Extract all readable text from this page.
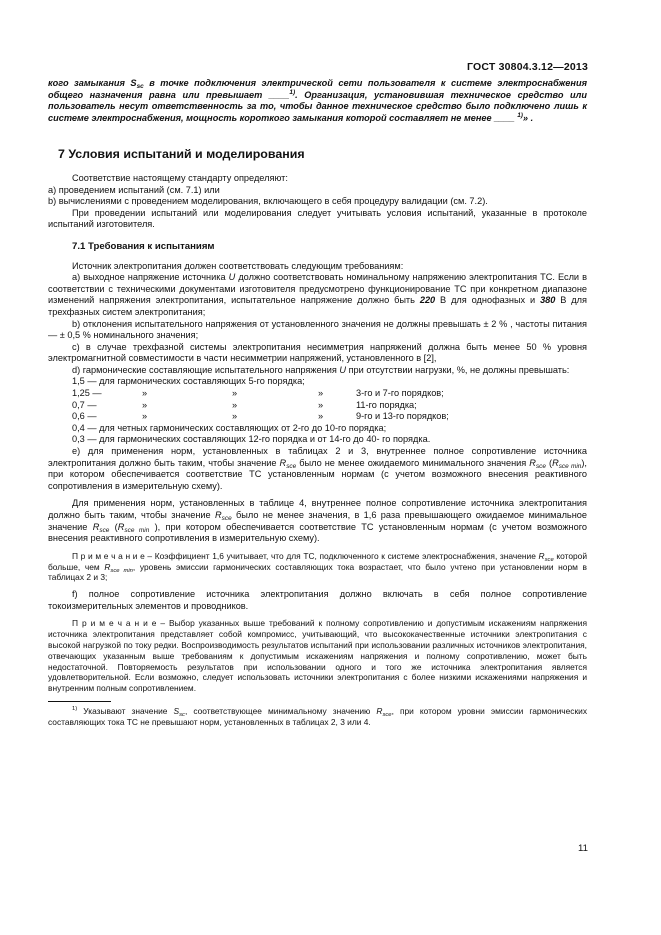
ГОСТ 30804.3.12—2013

кого замыкания $S_{sc}$ в точке подключения электрической сети пользователя к системе электроснабжения общего назначения равна или превышает ____$^{1)}$. Организация, установившая техническое средство или пользователь несут ответственность за то, чтобы данное техническое средство было подключено лишь к системе электроснабжения, мощность короткого замыкания которой составляет не менее ____ $^{1)}$» .

7 Условия испытаний и моделирования

Соответствие настоящему стандарту определяют:

а) проведением испытаний (см. 7.1) или

b) вычислениями с проведением моделирования, включающего в себя процедуру валидации (см. 7.2).

При проведении испытаний или моделирования следует учитывать условия испытаний, указанные в протоколе испытаний изготовителя.

7.1 Требования к испытаниям

Источник электропитания должен соответствовать следующим требованиям:

а) выходное напряжение источника U должно соответствовать номинальному напряжению электропитания ТС. Если в соответствии с техническими документами изготовителя предусмотрено функционирование ТС при конкретном диапазоне изменений напряжения электропитания, испытательное напряжение должно быть 220 В для однофазных и 380 В для трехфазных систем электропитания;

b) отклонения испытательного напряжения от установленного значения не должны превышать ± 2 % , частоты питания — ± 0,5 % номинального значения;

с) в случае трехфазной системы электропитания несимметрия напряжений должна быть менее 50 % уровня электромагнитной совместимости в части несимметрии напряжений, установленного в [2],

d) гармонические составляющие испытательного напряжения U при отсутствии нагрузки, %, не должны превышать:

1,5 — для гармонических составляющих 5-го порядка;
1,25 —	»	»	»	3-го и 7-го порядков;
0,7 —	»	»	»	11-го порядка;
0,6 —	»	»	»	9-го и 13-го порядков;
0,4 — для четных гармонических составляющих от 2-го до 10-го порядка;
0,3 — для гармонических составляющих 12-го порядка и от 14-го до 40- го порядка.

е) для применения норм, установленных в таблицах 2 и 3, внутреннее полное сопротивление источника электропитания должно быть таким, чтобы значение $R_{sce}$ было не менее ожидаемого минимального значения $R_{sce}$ $(R_{sce min})$, при котором обеспечивается соответствие ТС установленным нормам (с учетом возможного внесения реактивного сопротивления в измерительную схему).

Для применения норм, установленных в таблице 4, внутреннее полное сопротивление источника электропитания должно быть таким, чтобы значение $R_{sce}$ было не менее значения, в 1,6 раза превышающего ожидаемое минимальное значение $R_{sce}$ ($R_{sce min}$ ), при котором обеспечивается соответствие ТС установленным нормам (с учетом возможного внесения реактивного сопротивления в измерительную схему).

П р и м е ч а н и е – Коэффициент 1,6 учитывает, что для ТС, подключенного к системе электроснабжения, значение $R_{sce}$ которой больше, чем $R_{sce min}$, уровень эмиссии гармонических составляющих тока возрастает, что было учтено при установлении норм в таблицах 2 и 3;

f) полное сопротивление источника электропитания должно включать в себя полное сопротивление токоизмерительных элементов и проводников.

П р и м е ч а н и е – Выбор указанных выше требований к полному сопротивлению и допустимым искажениям напряжения источника электропитания представляет собой компромисс, учитывающий, что высококачественные источники электропитания с высокой нагрузкой по току редки. Воспроизводимость результатов испытаний при использовании различных источников электропитания, отвечающих указанным выше требованиям к допустимым искажениям напряжения и полному сопротивлению, может быть недостаточной. Повторяемость результатов при использовании одного и того же источника электропитания является удовлетворительной. Если возможно, следует использовать источники электропитания с более низкими искажениями напряжения и внутренним полным сопротивлением.

$^{1)}$ Указывают значение $S_{sc}$, соответствующее минимальному значению $R_{sce}$, при котором уровни эмиссии гармонических составляющих тока ТС не превышают норм, установленных в таблицах 2, 3 или 4.

11
